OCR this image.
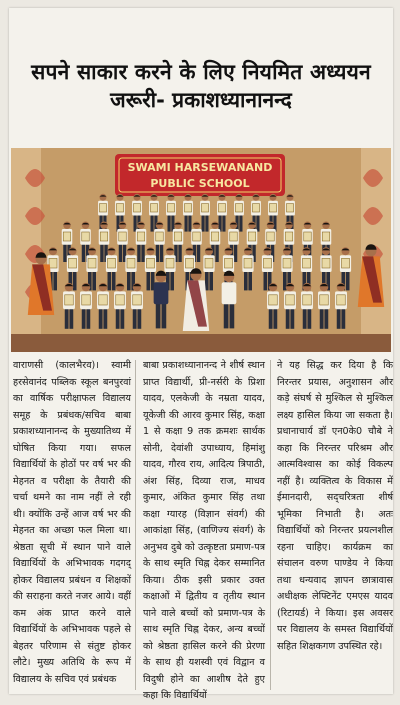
सपने साकार करने के लिए नियमित अध्ययन
जरूरी- प्रकाशध्यानानन्द
SWAMI HARSEWANAND
PUBLIC SCHOOL

वाराणसी (कालभैरव)। स्वामी हरसेवानंद पब्लिक स्कूल बनपुरवां का वार्षिक परीक्षाफल विद्यालय समूह के प्रबंधक/सचिव बाबा प्रकाशध्यानानन्द के मुख्यातिथ्य में घोषित किया गया। सफल विद्यार्थियों के होठों पर वर्ष भर की मेहनत व परीक्षा के तैयारी की चर्चा थमने का नाम नहीं ले रही थी। क्योंकि उन्हें आज वर्ष भर की मेहनत का अच्छा फल मिला था। श्रेष्ठता सूची में स्थान पाने वाले विद्यार्थियों के अभिभावक गदगद् होकर विद्यालय प्रबंधन व शिक्षकों की सराहना करते नजर आये। वहीं कम अंक प्राप्त करने वाले विद्यार्थियों के अभिभावक पहले से बेहतर परिणाम से संतुष्ट होकर लौटे। मुख्य अतिथि के रूप में विद्यालय के सचिव एवं प्रबंधक

बाबा प्रकाशध्यानानन्द ने शीर्ष स्थान प्राप्त विद्यार्थी, प्री-नर्सरी के प्रिशा यादव, एलकेजी के नम्रता यादव, यूकेजी की आरव कुमार सिंह, कक्षा 1 से कक्षा 9 तक क्रमशः सार्थक सोनी, देवांशी उपाध्याय, हिमांशु यादव, गौरव राय, आदित्य त्रिपाठी, अंश सिंह, दिव्या राज, माधव कुमार, अंकित कुमार सिंह तथा कक्षा ग्यारह (विज्ञान संवर्ग) की आकांक्षा सिंह, (वाणिज्य संवर्ग) के अनुभव दुबे को उत्कृष्टता प्रमाण-पत्र के साथ स्मृति चिह्न देकर सम्मानित किया। ठीक इसी प्रकार उक्त कक्षाओं में द्वितीय व तृतीय स्थान पाने वाले बच्चों को प्रमाण-पत्र के साथ स्मृति चिह्न देकर, अन्य बच्चों को श्रेष्ठता हासिल करने की प्रेरणा के साथ ही यशस्वी एवं विद्वान व विदुषी होने का आशीष देते हुए कहा कि विद्यार्थियों

ने यह सिद्ध कर दिया है कि निरन्तर प्रयास, अनुशासन और कड़े संघर्ष से मुश्किल से मुश्किल लक्ष्य हासिल किया जा सकता है। प्रधानाचार्य डॉ एन0के0 चौबे ने कहा कि निरन्तर परिश्रम और आत्मविश्वास का कोई विकल्प नहीं है। व्यक्तित्व के विकास में ईमानदारी, सद्चरित्रता शीर्ष भूमिका निभाती है। अतः विद्यार्थियों को निरन्तर प्रयत्नशील रहना चाहिए। कार्यक्रम का संचालन वरुण पाण्डेय ने किया तथा धन्यवाद ज्ञापन छात्रावास अधीक्षक लेफ्टिनेंट एमएस यादव (रिटायर्ड) ने किया। इस अवसर पर विद्यालय के समस्त विद्यार्थियों सहित शिक्षकगण उपस्थित रहे।
